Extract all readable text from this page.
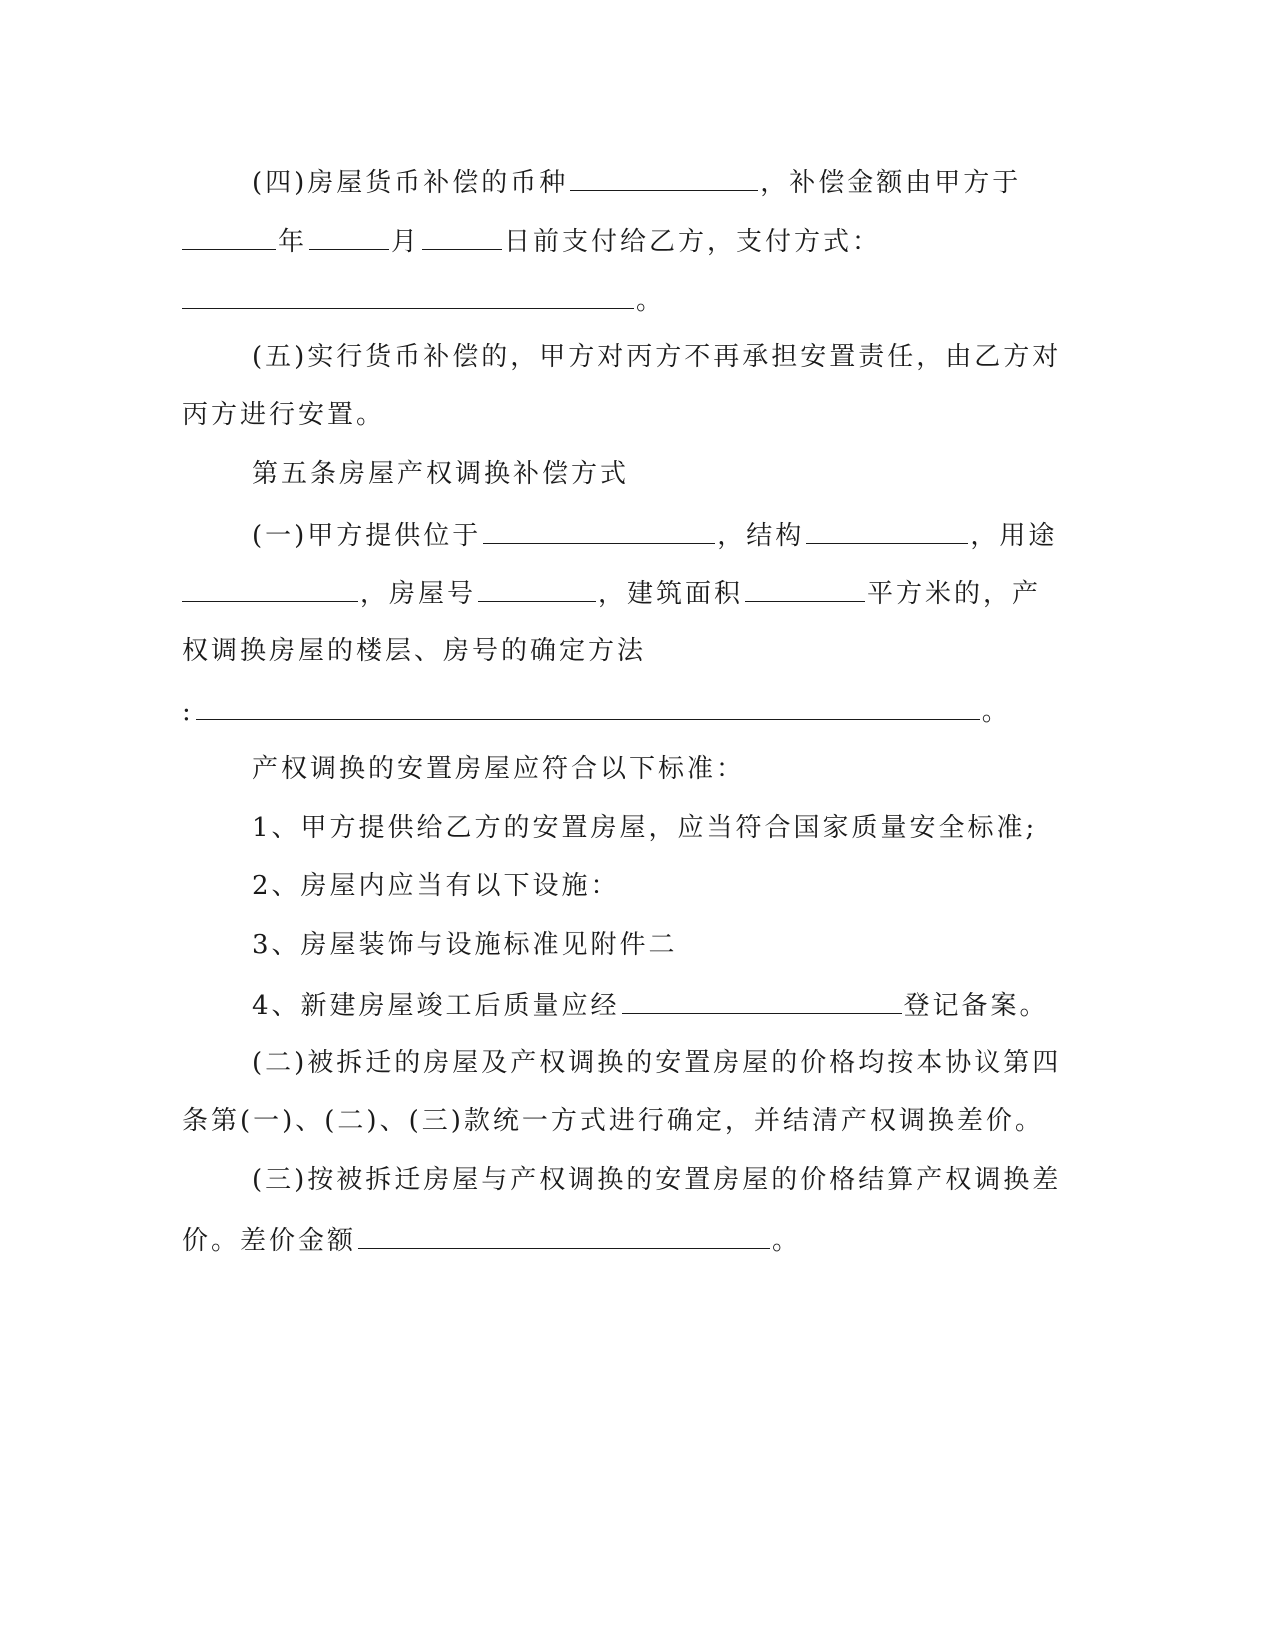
(四)房屋货币补偿的币种	，补偿金额由甲方于
年	月	日前支付给乙方，支付方式：
。
(五)实行货币补偿的，甲方对丙方不再承担安置责任，由乙方对
丙方进行安置。
第五条房屋产权调换补偿方式
(一)甲方提供位于	，结构	，用途
，房屋号	，建筑面积	平方米的，产
权调换房屋的楼层、房号的确定方法
:	。
产权调换的安置房屋应符合以下标准：
1、甲方提供给乙方的安置房屋，应当符合国家质量安全标准;
2、房屋内应当有以下设施：
3、房屋装饰与设施标准见附件二
4、新建房屋竣工后质量应经	登记备案。
(二)被拆迁的房屋及产权调换的安置房屋的价格均按本协议第四
条第(一)、(二)、(三)款统一方式进行确定，并结清产权调换差价。
(三)按被拆迁房屋与产权调换的安置房屋的价格结算产权调换差
价。差价金额	。
